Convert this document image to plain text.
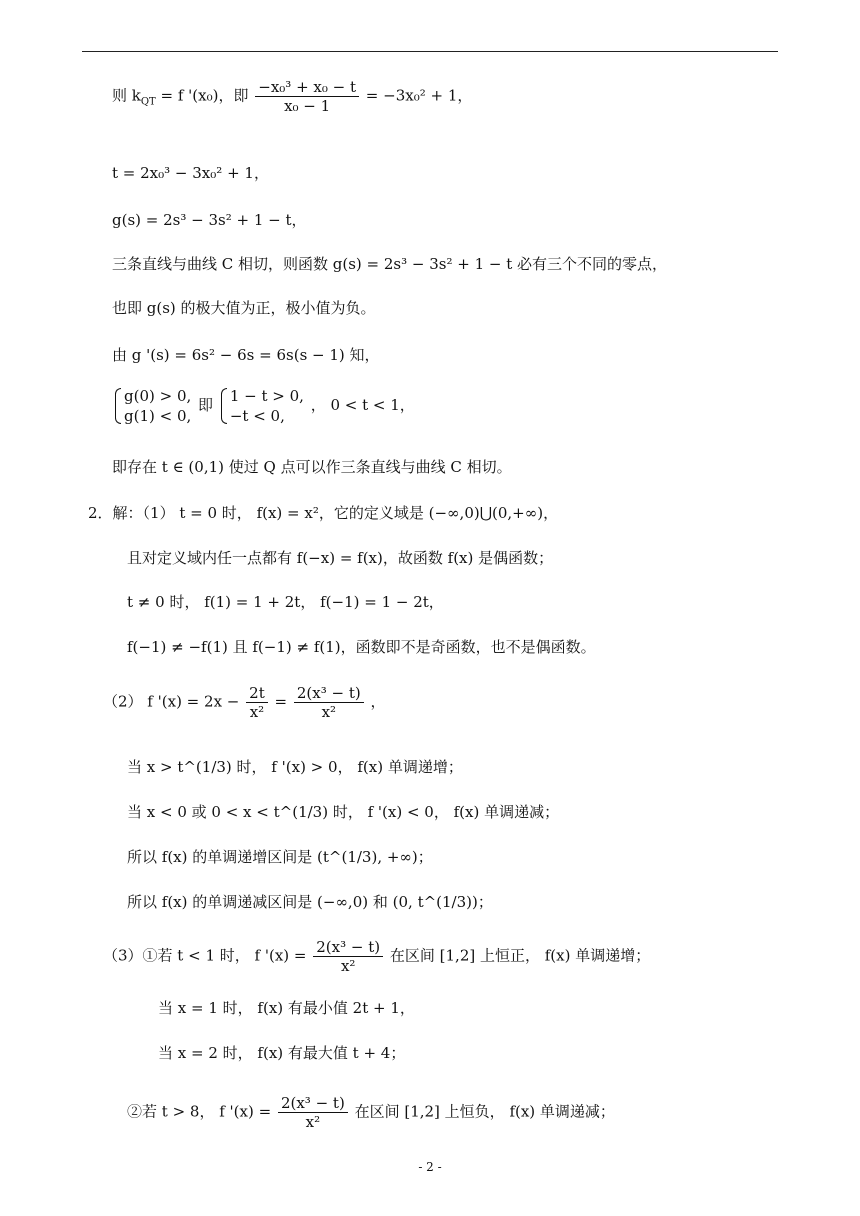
则 $k_{QT} = f$ '(x₀)，即 $\frac{\text{−x₀³ + x₀ − t}}{\text{x₀ − 1}} = -3x_0^2 + 1$，
t = 2x₀³ − 3x₀² + 1，
g(s) = 2s³ − 3s² + 1 − t，
三条直线与曲线 C 相切，则函数 g(s) = 2s³ − 3s² + 1 − t 必有三个不同的零点，
也即 g(s) 的极大值为正，极小值为负。
由 g '(s) = 6s² − 6s = 6s(s − 1) 知，
g(0) > 0,
g(1) < 0,
即 1 − t > 0,
−t < 0,
， 0 < t < 1，
即存在 t ∈ (0,1) 使过 Q 点可以作三条直线与曲线 C 相切。
2．解：（1） t = 0 时， f(x) = x²，它的定义域是 (−∞,0)⋃(0,+∞)，
且对定义域内任一点都有 f(−x) = f(x)，故函数 f(x) 是偶函数；
t ≠ 0 时， f(1) = 1 + 2t， f(−1) = 1 − 2t，
f(−1) ≠ −f(1) 且 f(−1) ≠ f(1)，函数即不是奇函数，也不是偶函数。
（2） f '$(x) = 2x - \frac{2t}{\text{x²}} = \frac{\text{2(x³ − t)}}{\text{x²}}$ ，
当 x > t^(1/3) 时， f '(x) > 0， f(x) 单调递增；
当 x < 0 或 0 < x < t^(1/3) 时， f '(x) < 0， f(x) 单调递减；
所以 f(x) 的单调递增区间是 (t^(1/3), +∞)；
所以 f(x) 的单调递减区间是 (−∞,0) 和 (0, t^(1/3))；
（3）①若 t < 1 时， f '$(x) = \frac{\text{2(x³ − t)}}{\text{x²}}$ 在区间 [1,2] 上恒正， f(x) 单调递增；
当 x = 1 时， f(x) 有最小值 2t + 1，
当 x = 2 时， f(x) 有最大值 t + 4；
②若 t > 8， f '$(x) = \frac{\text{2(x³ − t)}}{\text{x²}}$ 在区间 [1,2] 上恒负， f(x) 单调递减；
- 2 -
